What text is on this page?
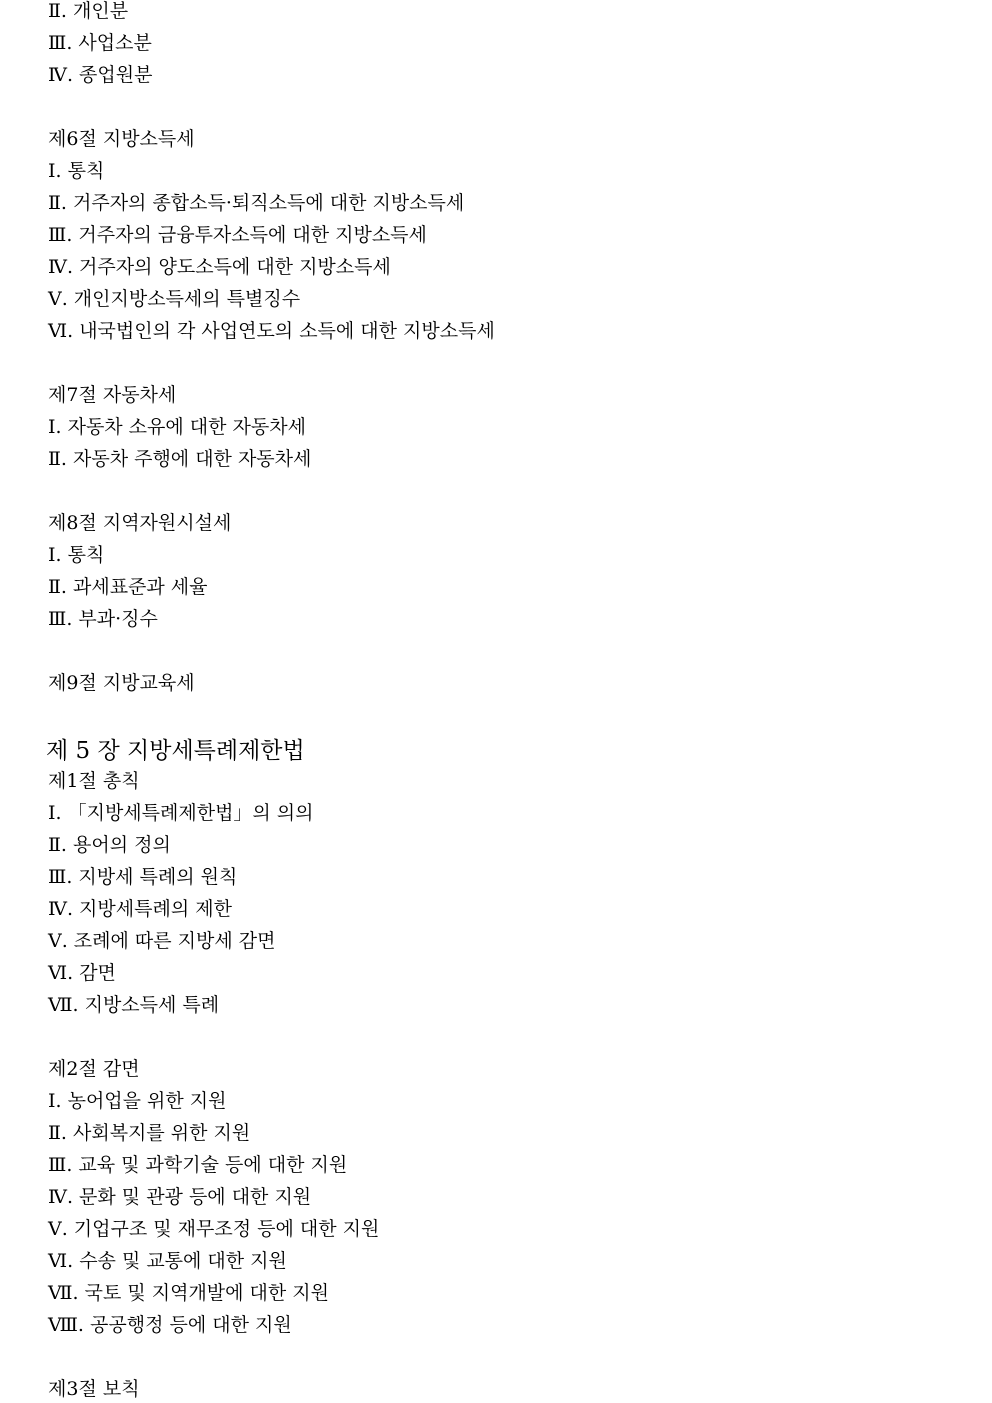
Ⅱ. 개인분
Ⅲ. 사업소분
Ⅳ. 종업원분
제6절 지방소득세
Ⅰ. 통칙
Ⅱ. 거주자의 종합소득·퇴직소득에 대한 지방소득세
Ⅲ. 거주자의 금융투자소득에 대한 지방소득세
Ⅳ. 거주자의 양도소득에 대한 지방소득세
Ⅴ. 개인지방소득세의 특별징수
Ⅵ. 내국법인의 각 사업연도의 소득에 대한 지방소득세
제7절 자동차세
Ⅰ. 자동차 소유에 대한 자동차세
Ⅱ. 자동차 주행에 대한 자동차세
제8절 지역자원시설세
Ⅰ. 통칙
Ⅱ. 과세표준과 세율
Ⅲ. 부과·징수
제9절 지방교육세
제 5 장 지방세특례제한법
제1절 총칙
Ⅰ. 「지방세특례제한법」의 의의
Ⅱ. 용어의 정의
Ⅲ. 지방세 특례의 원칙
Ⅳ. 지방세특례의 제한
Ⅴ. 조례에 따른 지방세 감면
Ⅵ. 감면
Ⅶ. 지방소득세 특례
제2절 감면
Ⅰ. 농어업을 위한 지원
Ⅱ. 사회복지를 위한 지원
Ⅲ. 교육 및 과학기술 등에 대한 지원
Ⅳ. 문화 및 관광 등에 대한 지원
Ⅴ. 기업구조 및 재무조정 등에 대한 지원
Ⅵ. 수송 및 교통에 대한 지원
Ⅶ. 국토 및 지역개발에 대한 지원
Ⅷ. 공공행정 등에 대한 지원
제3절 보칙
